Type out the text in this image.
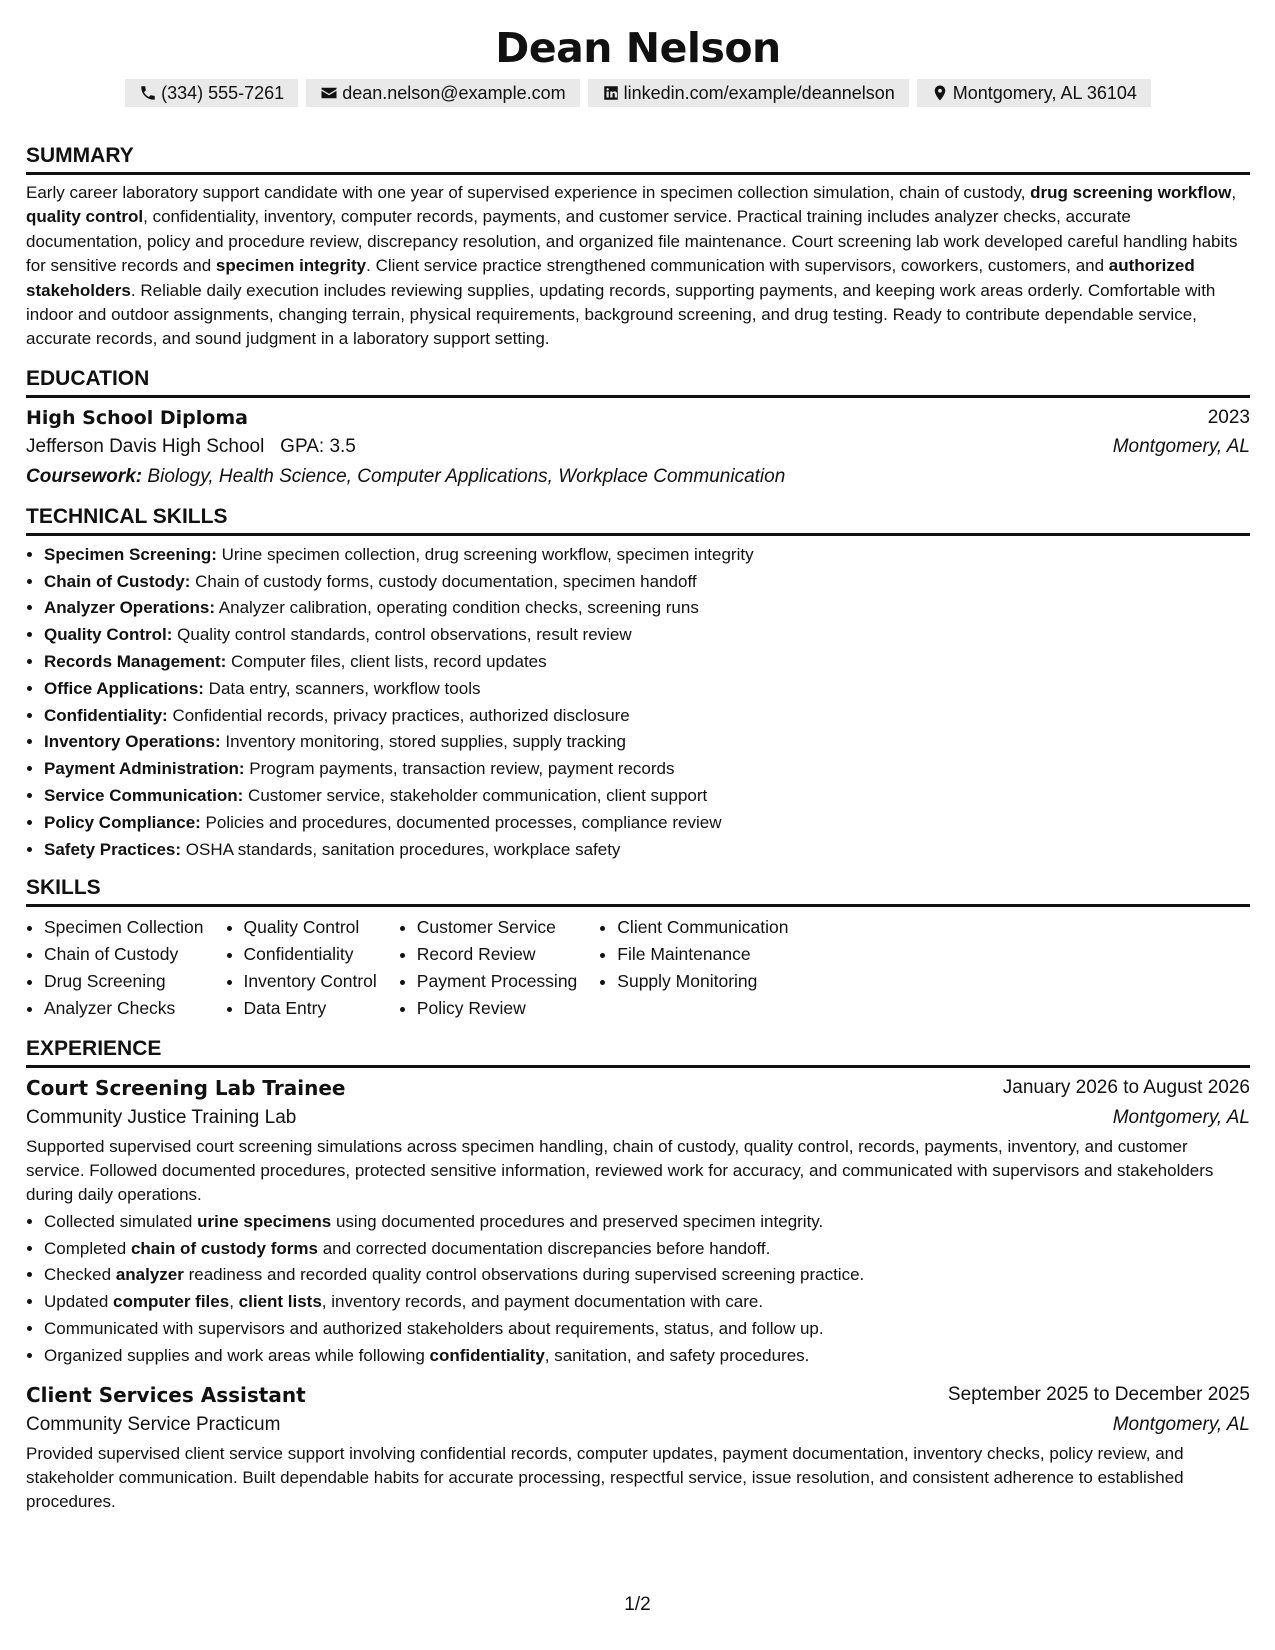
Dean Nelson
(334) 555-7261	dean.nelson@example.com	linkedin.com/example/deannelson	Montgomery, AL 36104
SUMMARY
Early career laboratory support candidate with one year of supervised experience in specimen collection simulation, chain of custody, drug screening workflow, quality control, confidentiality, inventory, computer records, payments, and customer service. Practical training includes analyzer checks, accurate documentation, policy and procedure review, discrepancy resolution, and organized file maintenance. Court screening lab work developed careful handling habits for sensitive records and specimen integrity. Client service practice strengthened communication with supervisors, coworkers, customers, and authorized stakeholders. Reliable daily execution includes reviewing supplies, updating records, supporting payments, and keeping work areas orderly. Comfortable with indoor and outdoor assignments, changing terrain, physical requirements, background screening, and drug testing. Ready to contribute dependable service, accurate records, and sound judgment in a laboratory support setting.
EDUCATION
High School Diploma	2023
Jefferson Davis High School GPA: 3.5	Montgomery, AL
Coursework: Biology, Health Science, Computer Applications, Workplace Communication
TECHNICAL SKILLS
• Specimen Screening: Urine specimen collection, drug screening workflow, specimen integrity
• Chain of Custody: Chain of custody forms, custody documentation, specimen handoff
• Analyzer Operations: Analyzer calibration, operating condition checks, screening runs
• Quality Control: Quality control standards, control observations, result review
• Records Management: Computer files, client lists, record updates
• Office Applications: Data entry, scanners, workflow tools
• Confidentiality: Confidential records, privacy practices, authorized disclosure
• Inventory Operations: Inventory monitoring, stored supplies, supply tracking
• Payment Administration: Program payments, transaction review, payment records
• Service Communication: Customer service, stakeholder communication, client support
• Policy Compliance: Policies and procedures, documented processes, compliance review
• Safety Practices: OSHA standards, sanitation procedures, workplace safety
SKILLS
• Specimen Collection
• Chain of Custody
• Drug Screening
• Analyzer Checks
• Quality Control
• Confidentiality
• Inventory Control
• Data Entry
• Customer Service
• Record Review
• Payment Processing
• Policy Review
• Client Communication
• File Maintenance
• Supply Monitoring
EXPERIENCE
Court Screening Lab Trainee	January 2026 to August 2026
Community Justice Training Lab	Montgomery, AL
Supported supervised court screening simulations across specimen handling, chain of custody, quality control, records, payments, inventory, and customer service. Followed documented procedures, protected sensitive information, reviewed work for accuracy, and communicated with supervisors and stakeholders during daily operations.
• Collected simulated urine specimens using documented procedures and preserved specimen integrity.
• Completed chain of custody forms and corrected documentation discrepancies before handoff.
• Checked analyzer readiness and recorded quality control observations during supervised screening practice.
• Updated computer files, client lists, inventory records, and payment documentation with care.
• Communicated with supervisors and authorized stakeholders about requirements, status, and follow up.
• Organized supplies and work areas while following confidentiality, sanitation, and safety procedures.
Client Services Assistant	September 2025 to December 2025
Community Service Practicum	Montgomery, AL
Provided supervised client service support involving confidential records, computer updates, payment documentation, inventory checks, policy review, and stakeholder communication. Built dependable habits for accurate processing, respectful service, issue resolution, and consistent adherence to established procedures.
1/2
